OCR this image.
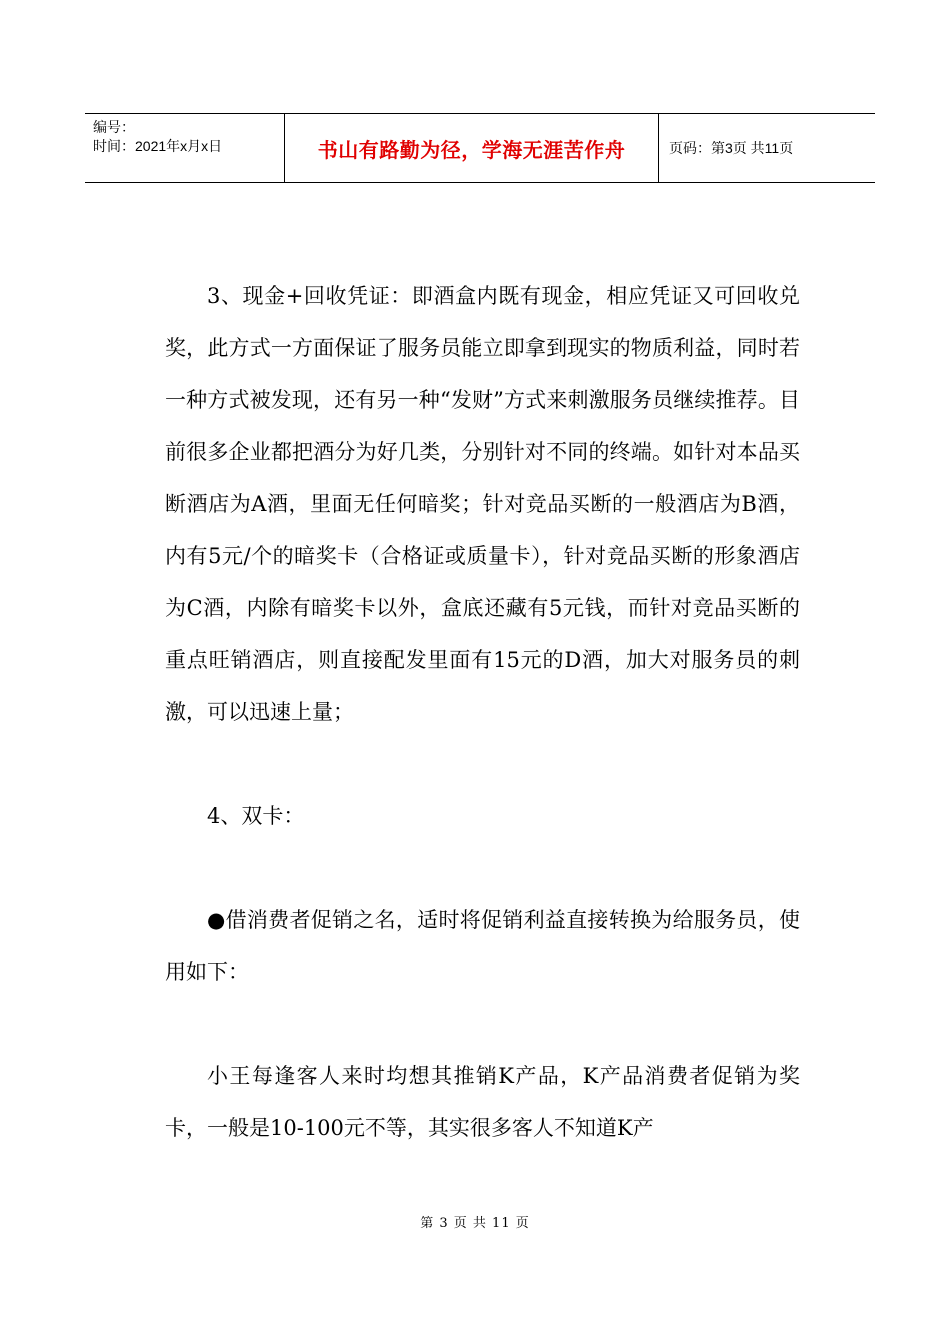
编号：
时间：2021年x月x日	书山有路勤为径，学海无涯苦作舟	页码：第3页 共11页

3、现金+回收凭证：即酒盒内既有现金，相应凭证又可回收兑奖，此方式一方面保证了服务员能立即拿到现实的物质利益，同时若一种方式被发现，还有另一种“发财”方式来刺激服务员继续推荐。目前很多企业都把酒分为好几类，分别针对不同的终端。如针对本品买断酒店为A酒，里面无任何暗奖；针对竞品买断的一般酒店为B酒，内有5元/个的暗奖卡（合格证或质量卡），针对竞品买断的形象酒店为C酒，内除有暗奖卡以外，盒底还藏有5元钱，而针对竞品买断的重点旺销酒店，则直接配发里面有15元的D酒，加大对服务员的刺激，可以迅速上量；

4、双卡：

●借消费者促销之名，适时将促销利益直接转换为给服务员，使用如下：

小王每逢客人来时均想其推销K产品，K产品消费者促销为奖卡，一般是10-100元不等，其实很多客人不知道K产

第 3 页 共 11 页
